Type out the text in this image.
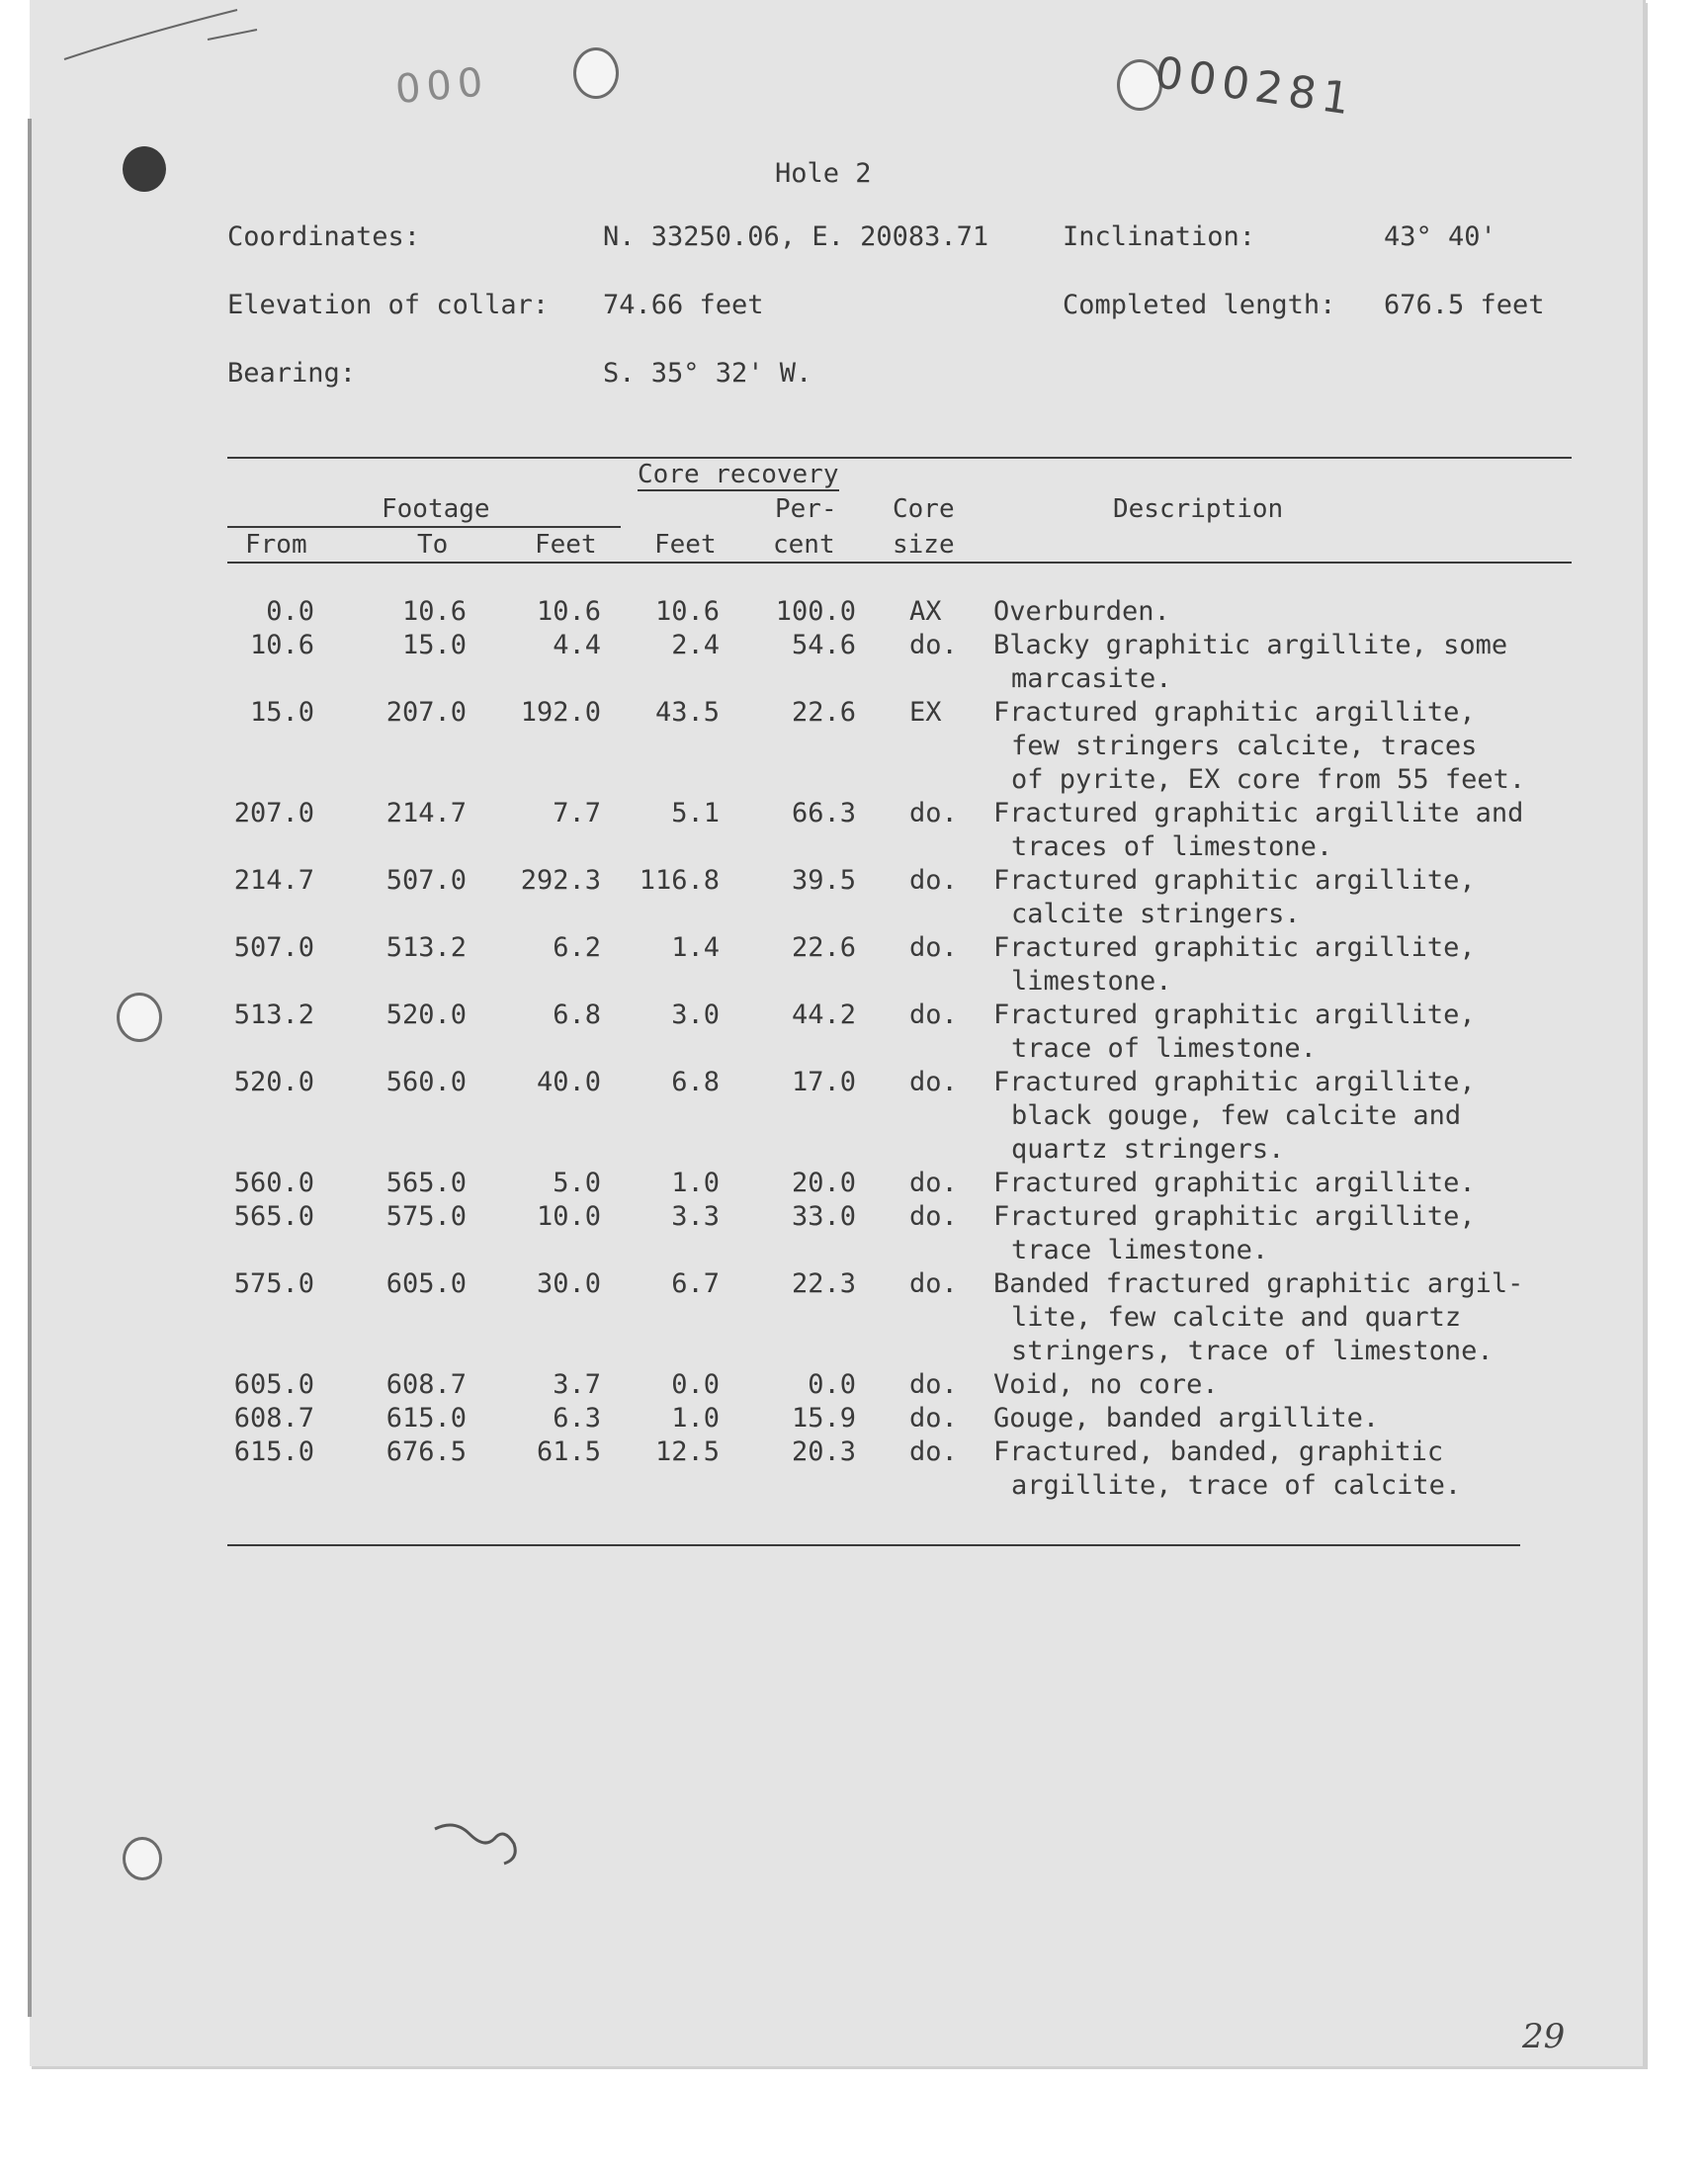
000	000281
Hole 2
Coordinates:	N. 33250.06, E. 20083.71	Inclination:	43° 40'
Elevation of collar: 74.66 feet	Completed length: 676.5 feet
Bearing:	S. 35° 32' W.
Core recovery
Footage	Per- Core	Description
From	To	Feet Feet cent size
0.0	10.6	10.6 10.6 100.0 AX Overburden.
10.6	15.0	4.4	2.4	54.6 do. Blacky graphitic argillite, some
marcasite.
15.0	207.0 192.0 43.5	22.6 EX Fractured graphitic argillite,
few stringers calcite, traces
of pyrite, EX core from 55 feet.
207.0	214.7	7.7	5.1	66.3 do. Fractured graphitic argillite and
traces of limestone.
214.7	507.0 292.3 116.8	39.5 do. Fractured graphitic argillite,
calcite stringers.
507.0	513.2	6.2	1.4	22.6 do. Fractured graphitic argillite,
limestone.
513.2	520.0	6.8	3.0	44.2 do. Fractured graphitic argillite,
trace of limestone.
520.0	560.0	40.0	6.8	17.0 do. Fractured graphitic argillite,
black gouge, few calcite and
quartz stringers.
560.0	565.0	5.0	1.0	20.0 do. Fractured graphitic argillite.
565.0	575.0	10.0	3.3	33.0 do. Fractured graphitic argillite,
trace limestone.
575.0	605.0	30.0	6.7	22.3 do. Banded fractured graphitic argil-
lite, few calcite and quartz
stringers, trace of limestone.
605.0	608.7	3.7	0.0	0.0 do. Void, no core.
608.7	615.0	6.3	1.0	15.9 do. Gouge, banded argillite.
615.0	676.5	61.5 12.5	20.3 do. Fractured, banded, graphitic
argillite, trace of calcite.
29
